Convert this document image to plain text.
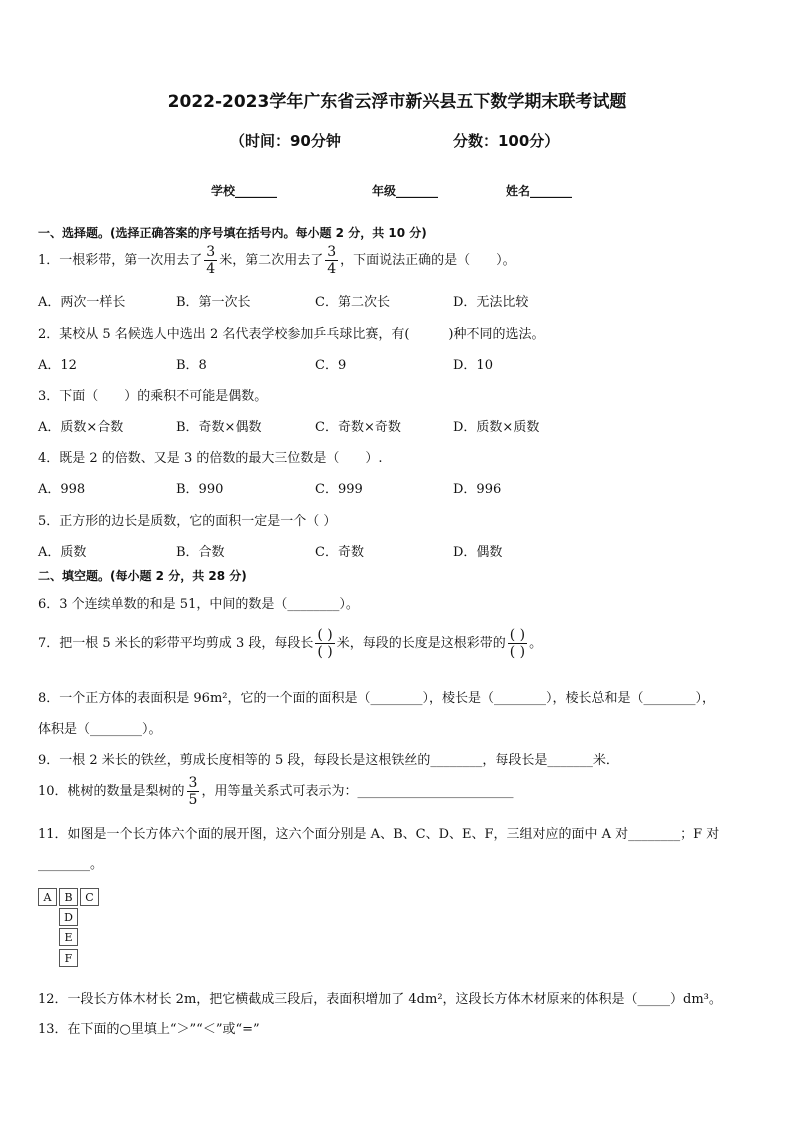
2022-2023学年广东省云浮市新兴县五下数学期末联考试题
（时间：90分钟	分数：100分）
学校_______	年级_______	姓名_______
一、选择题。(选择正确答案的序号填在括号内。每小题 2 分，共 10 分)
1．一根彩带，第一次用去了 $\frac{3}{4}$ 米，第二次用去了 $\frac{3}{4}$ ，下面说法正确的是（　　）。
A．两次一样长	B．第一次长	C．第二次长	D．无法比较
2．某校从 5 名候选人中选出 2 名代表学校参加乒乓球比赛，有(　　　)种不同的选法。
A．12	B．8	C．9	D．10
3．下面（　　）的乘积不可能是偶数。
A．质数×合数	B．奇数×偶数	C．奇数×奇数	D．质数×质数
4．既是 2 的倍数、又是 3 的倍数的最大三位数是（　　）.
A．998	B．990	C．999	D．996
5．正方形的边长是质数，它的面积一定是一个（ ）
A．质数	B．合数	C．奇数	D．偶数
二、填空题。(每小题 2 分，共 28 分)
6．3 个连续单数的和是 51，中间的数是（________）。
7．把一根 5 米长的彩带平均剪成 3 段，每段长 $\frac{( )}{( )}$ 米，每段的长度是这根彩带的 $\frac{( )}{( )}$ 。
8．一个正方体的表面积是 96m²，它的一个面的面积是（________），棱长是（________），棱长总和是（________），
体积是（________）。
9．一根 2 米长的铁丝，剪成长度相等的 5 段，每段长是这根铁丝的________，每段长是_______米．
10．桃树的数量是梨树的 $\frac{3}{5}$ ，用等量关系式可表示为：________________________
11．如图是一个长方体六个面的展开图，这六个面分别是 A、B、C、D、E、F，三组对应的面中 A 对________；F 对
________。
A	B	C
D
E
F
12．一段长方体木材长 2m，把它横截成三段后，表面积增加了 4dm²，这段长方体木材原来的体积是（_____）dm³。
13．在下面的○里填上“＞”“＜”或“=”
